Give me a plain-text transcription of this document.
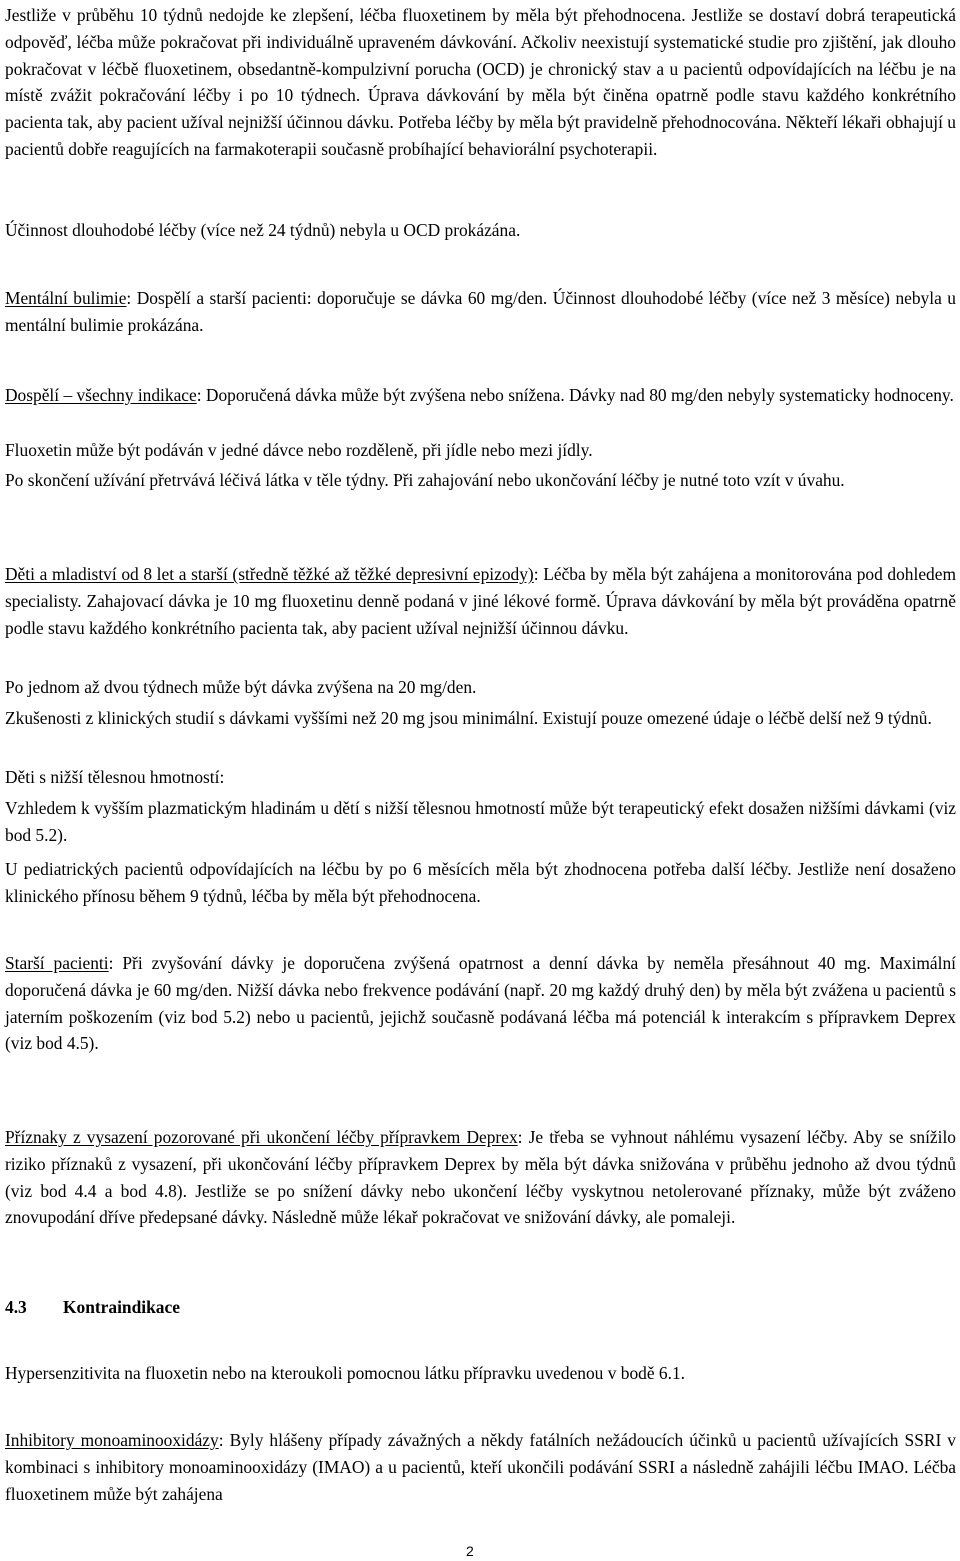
Jestliže v průběhu 10 týdnů nedojde ke zlepšení, léčba fluoxetinem by měla být přehodnocena. Jestliže se dostaví dobrá terapeutická odpověď, léčba může pokračovat při individuálně upraveném dávkování. Ačkoliv neexistují systematické studie pro zjištění, jak dlouho pokračovat v léčbě fluoxetinem, obsedantně-kompulzivní porucha (OCD) je chronický stav a u pacientů odpovídajících na léčbu je na místě zvážit pokračování léčby i po 10 týdnech. Úprava dávkování by měla být činěna opatrně podle stavu každého konkrétního pacienta tak, aby pacient užíval nejnižší účinnou dávku. Potřeba léčby by měla být pravidelně přehodnocována. Někteří lékaři obhajují u pacientů dobře reagujících na farmakoterapii současně probíhající behaviorální psychoterapii.

Účinnost dlouhodobé léčby (více než 24 týdnů) nebyla u OCD prokázána.

Mentální bulimie: Dospělí a starší pacienti: doporučuje se dávka 60 mg/den. Účinnost dlouhodobé léčby (více než 3 měsíce) nebyla u mentální bulimie prokázána.

Dospělí – všechny indikace: Doporučená dávka může být zvýšena nebo snížena. Dávky nad 80 mg/den nebyly systematicky hodnoceny.

Fluoxetin může být podáván v jedné dávce nebo rozděleně, při jídle nebo mezi jídly.

Po skončení užívání přetrvává léčivá látka v těle týdny. Při zahajování nebo ukončování léčby je nutné toto vzít v úvahu.

Děti a mladiství od 8 let a starší (středně těžké až těžké depresivní epizody): Léčba by měla být zahájena a monitorována pod dohledem specialisty. Zahajovací dávka je 10 mg fluoxetinu denně podaná v jiné lékové formě. Úprava dávkování by měla být prováděna opatrně podle stavu každého konkrétního pacienta tak, aby pacient užíval nejnižší účinnou dávku.

Po jednom až dvou týdnech může být dávka zvýšena na 20 mg/den.

Zkušenosti z klinických studií s dávkami vyššími než 20 mg jsou minimální. Existují pouze omezené údaje o léčbě delší než 9 týdnů.

Děti s nižší tělesnou hmotností:

Vzhledem k vyšším plazmatickým hladinám u dětí s nižší tělesnou hmotností může být terapeutický efekt dosažen nižšími dávkami (viz bod 5.2).

U pediatrických pacientů odpovídajících na léčbu by po 6 měsících měla být zhodnocena potřeba další léčby. Jestliže není dosaženo klinického přínosu během 9 týdnů, léčba by měla být přehodnocena.

Starší pacienti: Při zvyšování dávky je doporučena zvýšená opatrnost a denní dávka by neměla přesáhnout 40 mg. Maximální doporučená dávka je 60 mg/den. Nižší dávka nebo frekvence podávání (např. 20 mg každý druhý den) by měla být zvážena u pacientů s jaterním poškozením (viz bod 5.2) nebo u pacientů, jejichž současně podávaná léčba má potenciál k interakcím s přípravkem Deprex (viz bod 4.5).

Příznaky z vysazení pozorované při ukončení léčby přípravkem Deprex: Je třeba se vyhnout náhlému vysazení léčby. Aby se snížilo riziko příznaků z vysazení, při ukončování léčby přípravkem Deprex by měla být dávka snižována v průběhu jednoho až dvou týdnů (viz bod 4.4 a bod 4.8). Jestliže se po snížení dávky nebo ukončení léčby vyskytnou netolerované příznaky, může být zváženo znovupodání dříve předepsané dávky. Následně může lékař pokračovat ve snižování dávky, ale pomaleji.

4.3 Kontraindikace

Hypersenzitivita na fluoxetin nebo na kteroukoli pomocnou látku přípravku uvedenou v bodě 6.1.

Inhibitory monoaminooxidázy: Byly hlášeny případy závažných a někdy fatálních nežádoucích účinků u pacientů užívajících SSRI v kombinaci s inhibitory monoaminooxidázy (IMAO) a u pacientů, kteří ukončili podávání SSRI a následně zahájili léčbu IMAO. Léčba fluoxetinem může být zahájena

2
